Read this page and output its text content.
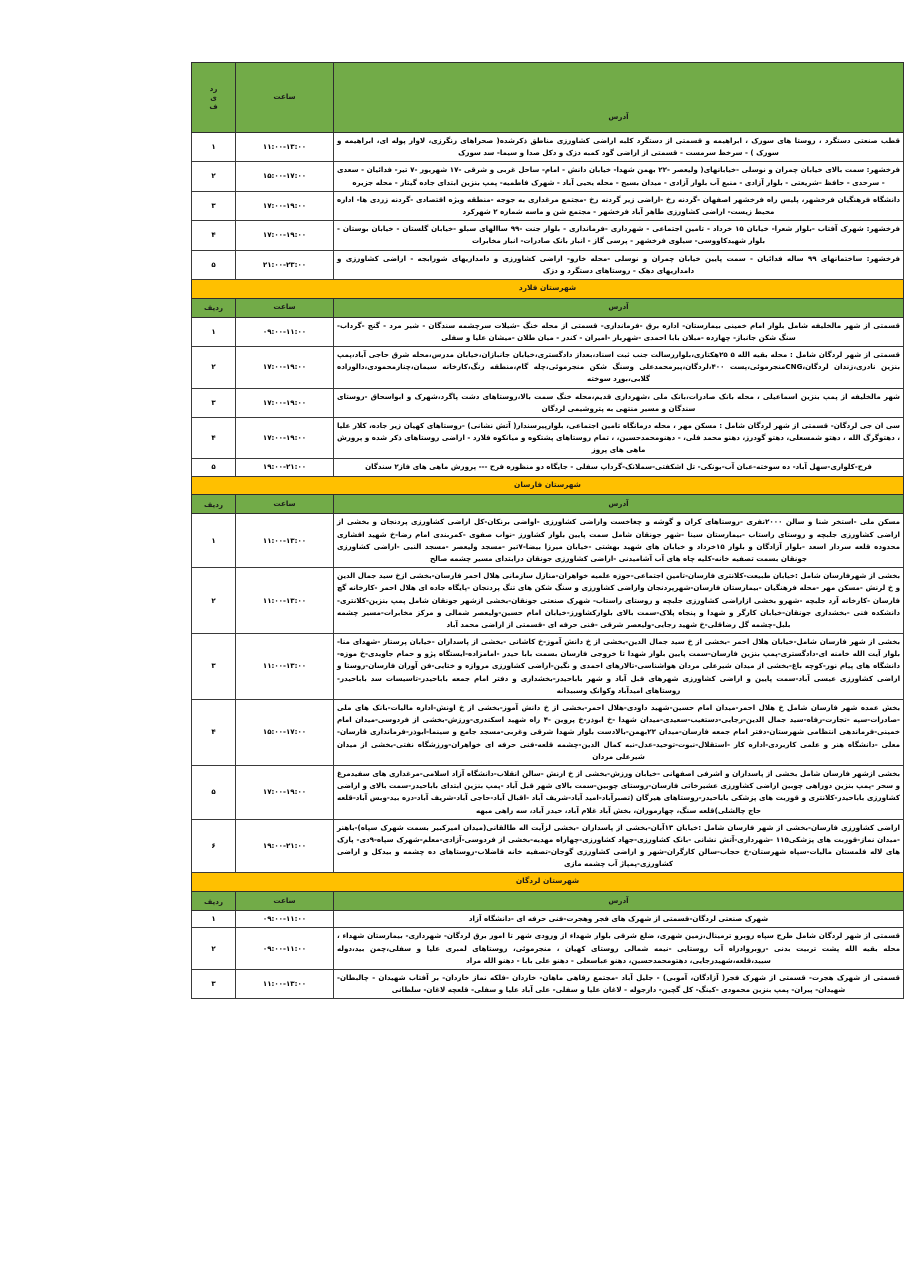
آدرس	ساعت	رد
ی
ف

قطب صنعتی دستگرد ، روستا های سورک ، ابراهیمه و قسمتی از دستگرد کلبه اراضی کشاورزی مناطق ذکرشده( صحراهای رنگرزی، لاوار پوله ای، ابراهیمه و سورک ) - سرخط سرمست - قسمتی از اراضی گود کمبه دزک و دکل صدا و سیما- سد سورک	۱۱:۰۰-۱۳:۰۰	۱
فرخشهر: سمت بالای خیابان چمران و نوسلی -خیابانهای( ولیعصر -۲۲ بهمن شهدا- خیابان دانش - امام- ساحل غربی و شرقی -۱۷ شهریور -۷ تیر- فدائیان - سعدی - سرحدی - حافظ -شریعتی - بلوار آزادی - منبع آب بلوار آزادی - میدان بسیج - محله یحیی آباد - شهرک فاطمیه- پمپ بنزین ابتدای جاده گیتار - محله جزیره	۱۵:۰۰-۱۷:۰۰	۲
دانشگاه فرهنگیان فرخشهر، پلیس راه فرخشهر اصفهان -گردنه رخ -اراضی زیر گردنه رخ -مجتمع مرغداری به جوجه -منطقه ویژه اقتصادی -گردنه زردی ها- اداره محیط زیست- اراضی کشاورزی طاهر آباد فرخشهر - مجتمع شن و ماسه شماره ۲ شهرکرد	۱۷:۰۰-۱۹:۰۰	۳
فرخشهر: شهرک آفتاب -بلوار شعرا- خیابان ۱۵ خرداد - تامین اجتماعی - شهرداری -فرمانداری - بلوار جنت -۹۹ ساالهای سبلو -خیابان گلستان - خیابان بوستان - بلوار شهیدکاووسی- سیلوی فرخشهر - پرسی گاز - انبار بانک صادرات- انبار مخابرات	۱۷:۰۰-۱۹:۰۰	۴
فرخشهر: ساختمانهای ۹۹ ساله فدائیان - سمت پایین خیابان چمران و نوسلی -محله خارو- اراضی کشاورزی و دامداریهای شورابجه - اراضی کشاورزی و دامداریهای دهک - روستاهای دستگرد و دزک	۲۱:۰۰-۲۳:۰۰	۵
شهرستان فلارد		
آدرس	ساعت	ردیف

قسمتی از شهر مالخلیفه شامل بلوار امام خمینی بیمارستان- اداره برق -فرمانداری- قسمتی از محله خنگ -شیلات سرچشمه سندگان - شیر مرد - گنج -گرداب- سنگ شکن جانباز- چهارده -مبلان بابا احمدی -شهربار -امیران - کندر - میان طلان -میشان علیا و سفلی	۰۹:۰۰-۱۱:۰۰	۱
قسمتی از شهر لردگان شامل : محله بقیه الله ۵ ۲۵هکتاری،بلواررسالت جنب ثبت اسناد،بعداز دادگستری،خیابان جانبازان،خیابان مدرس،محله شرق حاجی آباد،پمپ بنزین نادری،زندان لردگان،CNGمنجرموئی،پست ۴۰۰،لردگان،پیرمحمدعلی وسنگ شکن منجرموئی،چله گام،منطقه رنگ،کارخانه سیمان،چنارمحمودی،دالوراده گلابی،بوړد سوخته	۱۷:۰۰-۱۹:۰۰	۲
شهر مالخلیفه از پمپ بنزین اسماعیلی ، محله بانک صادرات،بانک ملی ،شهرداری قدیم،محله خنگ سمت بالا،روستاهای دشت پاگرد،شهرک و ابواسحاق -روستای سندگان و مسیر منتهی به پتروشیمی لردگان	۱۷:۰۰-۱۹:۰۰	۳
سی ان جی لردگان- قسمتی از شهر لردگان شامل : مسکن مهر ، محله درمانگاه تامین اجتماعی، بلوارپیرسندار( آتش نشانی) -روستاهای کهیان زیر جاده، کلار علیا ، دهتوگرگ الله ، دهتو شمسعلی، دهتو گودرز، دهنو محمد فلی، - دهنومحمدحسین، ، تمام روستاهای پشتکوه و میانکوه فلارد - اراضی روستاهای ذکر شده و پرورش ماهی های پروز	۱۷:۰۰-۱۹:۰۰	۴
فرح-کلواری-سهل آباد- ده سوخته-عبان آب-بونکی- تل اشکفتی-سملانک-گرداپ سفلی - جایگاه دو منظوره فرح --- پرورش ماهی های فاز۲ سندگان	۱۹:۰۰-۲۱:۰۰	۵
شهرستان فارسان		
آدرس	ساعت	ردیف

مسکن ملی -استخر شنا و سالن ۲۰۰۰نفری -روستاهای کران و گوشه و چغاخست واراضی کشاورزی -اواضی برنکان-کل اراضی کشاورزی پردنجان و بخشی از اراضی کشاورزی جلبچه و روستای راستاب -بیمارستان سینا -شهر جونقان شامل سمت پایین بلوار کشاورز -نواب صفوی -کمربندی امام رضا-خ شهید افشاری محدوده قلعه سردار اسعد -بلوار آزادگان و بلوار ۱۵خرداد و خیابان های شهید بهشتی -خیابان میرزا بیضا-۷تیر -مسجد ولیعصر -مسجد النبی -اراضی کشاورزی جونقان بسمت تصفیه خانه-کلیه چاه های آب آشامیدنی -اراضی کشاورزی جونقان درابتدای مسیر چشمه صالح	۱۱:۰۰-۱۳:۰۰	۱
بخشی از شهرفارسان شامل :خیابان طبیعت-کلانتری فارسان-تامین اجتماعی-حوزه علمیه خواهران-منازل سازمانی هلال احمر فارسان-بخشی ازخ سید جمال الدین و خ لرنش -مسکن مهر -محله فرهنگیان -بیمارستان فارسان-شهرپردنجان واراضی کشاورزی و سنگ شکن های تنگ پردنجان -پایگاه جاده ای هلال احمر -کارخانه گچ فارسان -کارخانه آرد جلبچه -شهرو بخشی ازاراضی کشاورزی جلبچه و روستای راستاب- شهرک صنعتی جونقان-بخشی ازشهر جونقان شامل پمپ بنزین-کلانتری-دانشکده فنی -بخشداری جونقان-خیابان کارگر و شهدا و پنجاه پلاک-سمت بالای بلوارکشاورز-خیابان امام حسین-ولیعصر شمالی و مرکز مخابرات-مسیر چشمه بلبل-چشمه گل رضاقلی-خ شهید رجایی-ولیعصر شرقی -فنی حرفه ای -قسمتی از اراضی محمد آباد	۱۱:۰۰-۱۳:۰۰	۲
بخشی از شهر فارسان شامل-خیابان هلال احمر -بخشی از خ سید جمال الدین-بخشی از خ دانش آموز-خ کاشانی -بخشی از پاسداران -خیابان پرستار -شهدای منا-بلوار آیت الله خامنه ای-دادگستری-پمپ بنزین فارسان-سمت پایین بلوار شهدا تا خروجی فارسان بسمت بابا حیدر -امامزاده-ایستگاه پژو و حمام جاویدی-خ موزه-دانشگاه های پیام نور-کوچه باغ-بخشی از میدان شیرعلی مردان هواشناسی-تالارهای احمدی و نگین-اراضی کشاورزی مروازه و ختایی-فن آوران فارسان-روستا و اراضی کشاورزی عیسی آباد-سمت پایین و اراضی کشاورزی شهرهای قبل آباد و شهر باباحیدر-بخشداری و دفتر امام جمعه باباحیدر-تاسیسات سد باباحیدر-روستاهای امیدآباد وکوانک وسبیدانه	۱۱:۰۰-۱۳:۰۰	۳
بخش عمده شهر فارسان شامل خ هلال احمر-میدان امام حسین-شهید داودی-هلال احمر-بخشی از خ دانش آموز-بخشی از خ اونش-اداره مالیات-بانک های ملی -صادرات-سپه -تجارت-رفاه-سید جمال الدین-رجایی-دستغیب-سعیدی-میدان شهدا -خ ابوذر-خ پروین -۴ راه شهید اسکندری-ورزش-بخشی از فردوسی-میدان امام خمینی-فرماندهی انتظامی شهرستان-دفتر امام جمعه فارسان-میدان ۲۲بهمن-بالادست بلوار شهدا شرقی وغربی-مسجد جامع و سینما-ابوذر-فرمانداری فارسان-معلی -دانشگاه هنر و علمی کاربردی-اداره کار -استقلال-نبوت-توحید-عدل-نبه کمال الدین-چشمه قلعه-فنی حرفه ای خواهران-ورزشگاه نفتی-بخشی از میدان شیرعلی مردان	۱۵:۰۰-۱۷:۰۰	۴
بخشی ازشهر فارسان شامل بخشی از پاسداران و اشرفی اصفهانی -خیابان ورزش-بخشی از خ ارنش -سالن انقلاب-دانشگاه آزاد اسلامی-مرغداری های سفیدمرغ و سحر -پمپ بنزین دوراهی چوبین اراضی کشاورزی عشیرخاتی فارسان-روستای چوبین-سمت بالای شهر قبل آباد -پمپ بنزین ابتدای باباحیدر-سمت بالای و اراضی کشاورزی باباحیدر-کلانتری و قوربت های پزشکی باباحیدر-روستاهای هیرگان (تصبرآباد-امید آباد-شریف آباد -اقبال آباد-حاجی آباد-شریف آباد-دره بید-وبس آباد-قلعه حاج چالشلی)قلعه سنگ، چهارموران، بخش آباد غلام آباد، حیدر آباد، سه راهی مبهه	۱۷:۰۰-۱۹:۰۰	۵
اراضی کشاورزی فارسان-بخشی از شهر فارسان شامل :خیابان ۱۳آبان-بخشی از پاسداران -بخشی لزآیت اله طالقانی(میدان امیرکبیر بسمت شهرک سپاه)-باهنر -میدان نماز-قوربت های پزشکی۱۱۵ -شهرداری-آتش نشانی -بانک کشاورزی-جهاد کشاورزی-چهاراه مهدیه-بخشی از فردوسی-آزادی-معلم-شهرک سپاه-۹دی- پارک های لاله فلمستان مالیات-سپاه شهرستان-خ حجاب-سالن کارگران-شهر و اراضی کشاورزی گوجان-تصفیه خانه قاضلاب-روستاهای ده چشمه و بیدکل و اراضی کشاورزی-پمپاژ آب چشمه مازی	۱۹:۰۰-۲۱:۰۰	۶
شهرستان لردگان		
آدرس	ساعت	ردیف

شهرک صنعتی لردگان-قسمتی از شهرک های فجر وهجرت-فنی حرفه ای -دانشگاه آزاد	۰۹:۰۰-۱۱:۰۰	۱
قسمتی از شهر لردگان شامل طرح سپاه روبرو ترمینال،زمین شهری، ضلع شرقی بلوار شهداء از ورودی شهر تا امور برق لردگان- شهرداری- بیمارستان شهداء ، محله بقیه الله پشت تربیت بدنی -روبروادراه آب روستایی -نیمه شمالی روستای کهیان ، منجرموئی، روستاهای لمبری علیا و سفلی،چمن بید،دوله سیید،قلعه،شهیدرجایی، دهتومحمدحسین، دهنو عباسعلی - دهنو علی بابا - دهنو الله مراد	۰۹:۰۰-۱۱:۰۰	۲
قسمتی از شهرک هجرت- قسمتی از شهرک فجر( آزادگان، آموبی) - جلیل آباد -مجتمع رفاهی ماهان- خاردان -فلکه نماز خاردان- بر آفتاب شهیدان - چالبطان- شهیدان- پیران- پمپ بنزین محمودی -کینگ- کل گچین- دارجوله - لاغان علیا و سفلی- علی آباد علیا و سفلی- قلعچه لاغان- سلطانی	۱۱:۰۰-۱۳:۰۰	۳
